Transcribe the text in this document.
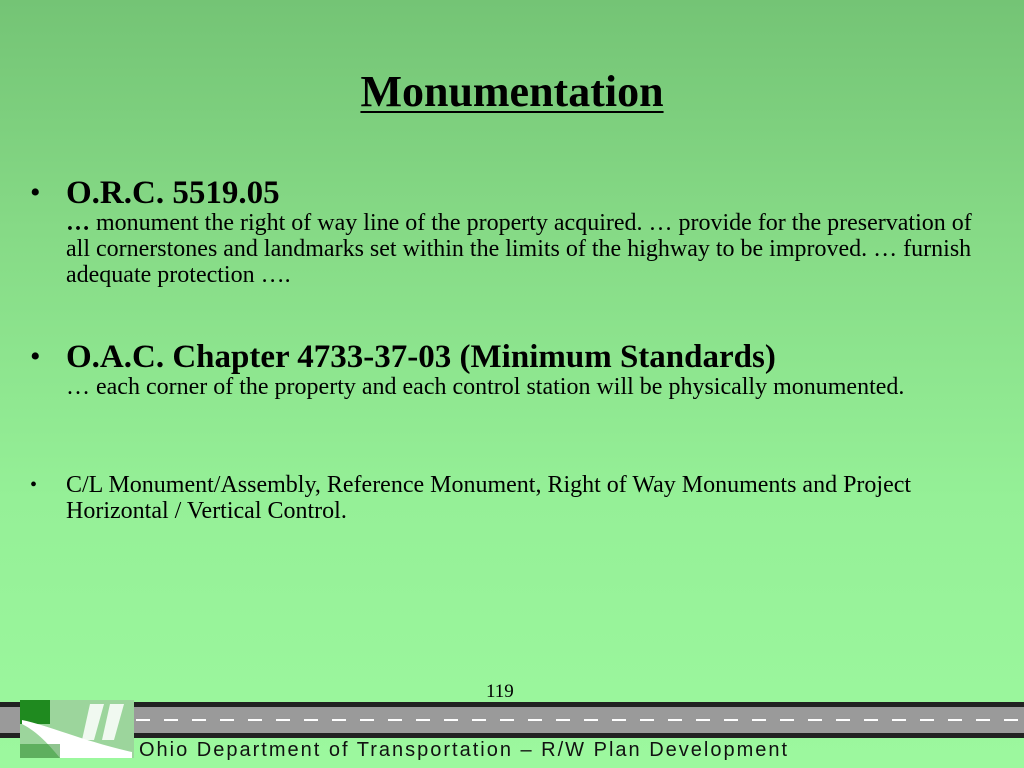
Monumentation
• O.R.C. 5519.05
… monument the right of way line of the property acquired. … provide for the preservation of all cornerstones and landmarks set within the limits of the highway to be improved. … furnish adequate protection ….
• O.A.C. Chapter 4733-37-03 (Minimum Standards)
… each corner of the property and each control station will be physically monumented.
• C/L Monument/Assembly, Reference Monument, Right of Way Monuments and Project Horizontal / Vertical Control.
119
Ohio Department of Transportation – R/W Plan Development
